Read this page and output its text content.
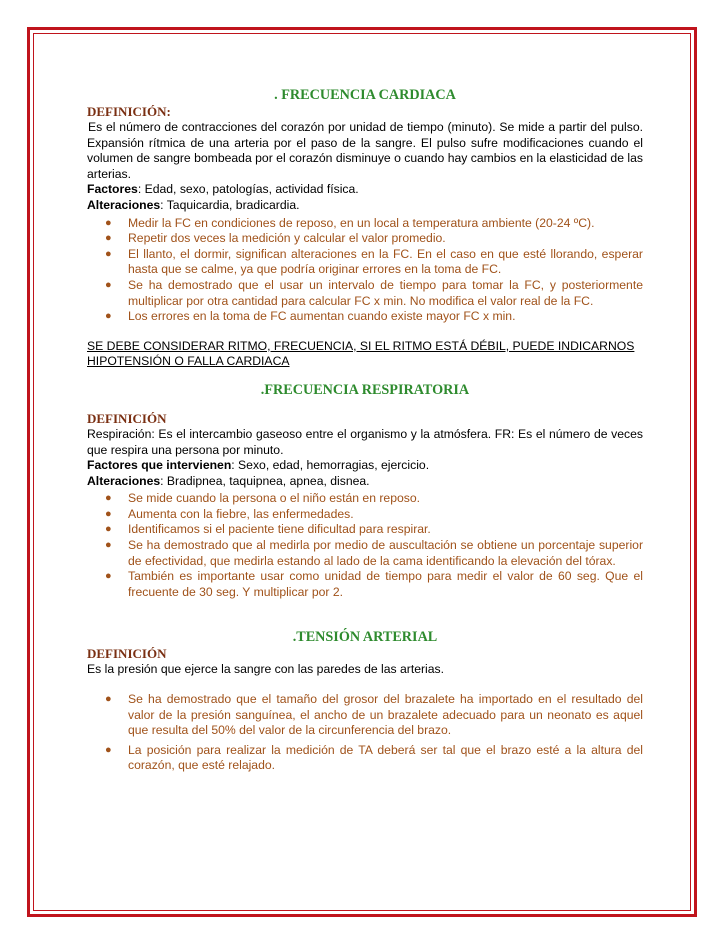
. FRECUENCIA CARDIACA
DEFINICIÓN:

Es el número de contracciones del corazón por unidad de tiempo (minuto). Se mide a partir del pulso. Expansión rítmica de una arteria por el paso de la sangre. El pulso sufre modificaciones cuando el volumen de sangre bombeada por el corazón disminuye o cuando hay cambios en la elasticidad de las arterias.

Factores: Edad, sexo, patologías, actividad física.

Alteraciones: Taquicardia, bradicardia.

● Medir la FC en condiciones de reposo, en un local a temperatura ambiente (20-24 ºC).
● Repetir dos veces la medición y calcular el valor promedio.
● El llanto, el dormir, significan alteraciones en la FC. En el caso en que esté llorando, esperar hasta que se calme, ya que podría originar errores en la toma de FC.
● Se ha demostrado que el usar un intervalo de tiempo para tomar la FC, y posteriormente multiplicar por otra cantidad para calcular FC x min. No modifica el valor real de la FC.
● Los errores en la toma de FC aumentan cuando existe mayor FC x min.

SE DEBE CONSIDERAR RITMO, FRECUENCIA, SI EL RITMO ESTÁ DÉBIL, PUEDE INDICARNOS HIPOTENSIÓN O FALLA CARDIACA

.FRECUENCIA RESPIRATORIA
DEFINICIÓN

Respiración: Es el intercambio gaseoso entre el organismo y la atmósfera. FR: Es el número de veces que respira una persona por minuto.

Factores que intervienen: Sexo, edad, hemorragias, ejercicio.

Alteraciones: Bradipnea, taquipnea, apnea, disnea.

● Se mide cuando la persona o el niño están en reposo.
● Aumenta con la fiebre, las enfermedades.
● Identificamos si el paciente tiene dificultad para respirar.
● Se ha demostrado que al medirla por medio de auscultación se obtiene un porcentaje superior de efectividad, que medirla estando al lado de la cama identificando la elevación del tórax.
● También es importante usar como unidad de tiempo para medir el valor de 60 seg. Que el frecuente de 30 seg. Y multiplicar por 2.
.TENSIÓN ARTERIAL
DEFINICIÓN

Es la presión que ejerce la sangre con las paredes de las arterias.

● Se ha demostrado que el tamaño del grosor del brazalete ha importado en el resultado del valor de la presión sanguínea, el ancho de un brazalete adecuado para un neonato es aquel que resulta del 50% del valor de la circunferencia del brazo.
● La posición para realizar la medición de TA deberá ser tal que el brazo esté a la altura del corazón, que esté relajado.
